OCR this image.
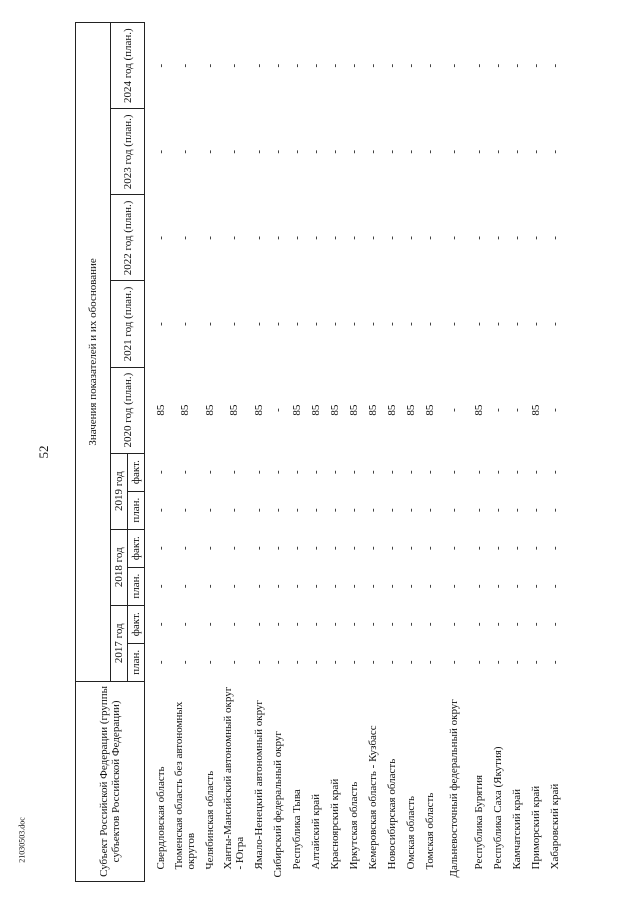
52
21030503.doc	Субъект Российской Федерации (группы субъектов Российской Федерации)	Значения показателей и их обоснование										
	2017 год		2018 год		2019 год		2020 год (план.)	2021 год (план.)	2022 год (план.)	2023 год (план.)	2024 год (план.)
	план.	факт.	план.	факт.	план.	факт.					

Свердловская область	-	-	-	-	-	-	85	-	-	-	-
Тюменская область без автономных округов	-	-	-	-	-	-	85	-	-	-	-
Челябинская область	-	-	-	-	-	-	85	-	-	-	-
Ханты-Мансийский автономный округ - Югра	-	-	-	-	-	-	85	-	-	-	-
Ямало-Ненецкий автономный округ	-	-	-	-	-	-	85	-	-	-	-
Сибирский федеральный округ	-	-	-	-	-	-	-	-	-	-	-
Республика Тыва	-	-	-	-	-	-	85	-	-	-	-
Алтайский край	-	-	-	-	-	-	85	-	-	-	-
Красноярский край	-	-	-	-	-	-	85	-	-	-	-
Иркутская область	-	-	-	-	-	-	85	-	-	-	-
Кемеровская область - Кузбасс	-	-	-	-	-	-	85	-	-	-	-
Новосибирская область	-	-	-	-	-	-	85	-	-	-	-
Омская область	-	-	-	-	-	-	85	-	-	-	-
Томская область	-	-	-	-	-	-	85	-	-	-	-
Дальневосточный федеральный округ	-	-	-	-	-	-	-	-	-	-	-
Республика Бурятия	-	-	-	-	-	-	85	-	-	-	-
Республика Саха (Якутия)	-	-	-	-	-	-	-	-	-	-	-
Камчатский край	-	-	-	-	-	-	-	-	-	-	-
Приморский край	-	-	-	-	-	-	85	-	-	-	-
Хабаровский край	-	-	-	-	-	-	-	-	-	-	-
